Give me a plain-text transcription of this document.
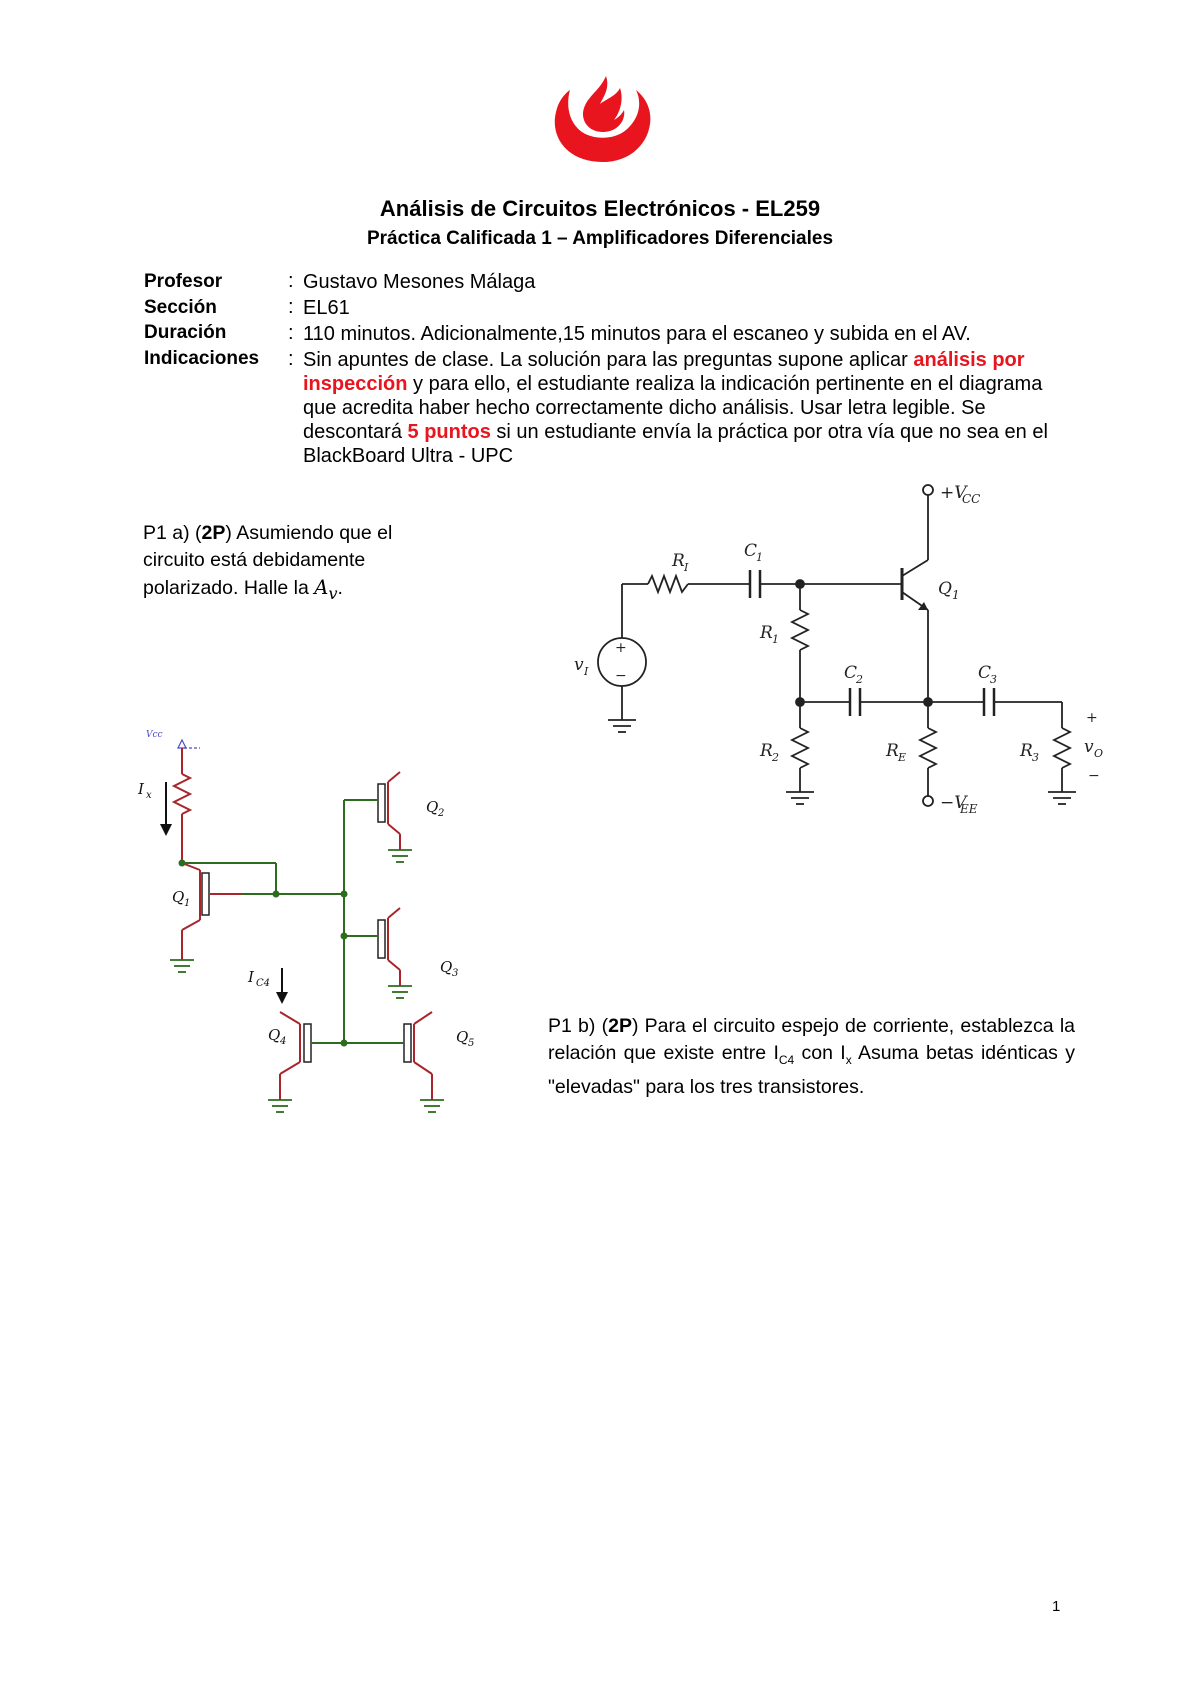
Análisis de Circuitos Electrónicos - EL259
Práctica Calificada 1 – Amplificadores Diferenciales
Profesor	: Gustavo Mesones Málaga
Sección	: EL61
Duración	: 110 minutos. Adicionalmente,15 minutos para el escaneo y subida en el AV.
Indicaciones : Sin apuntes de clase. La solución para las preguntas supone aplicar análisis por inspección y para ello, el estudiante realiza la indicación pertinente en el diagrama que acredita haber hecho correctamente dicho análisis. Usar letra legible. Se descontará 5 puntos si un estudiante envía la práctica por otra vía que no sea en el BlackBoard Ultra - UPC
P1 a) (2P) Asumiendo que el circuito está debidamente polarizado. Halle la $A_v$.
+V
CC
Q 1
+
−
v I
R I
C
1
R 1
C
2
R 2	R E
−V
EE
C
3
R 3
+
v O
−
Vcc
I x
I C4
Q 1
Q 2
Q 3
Q 4	Q 5
P1 b) (2P) Para el circuito espejo de corriente, establezca la relación que existe entre $I_{C4}$ con $I_x$ Asuma betas idénticas y "elevadas" para los tres transistores.
1
